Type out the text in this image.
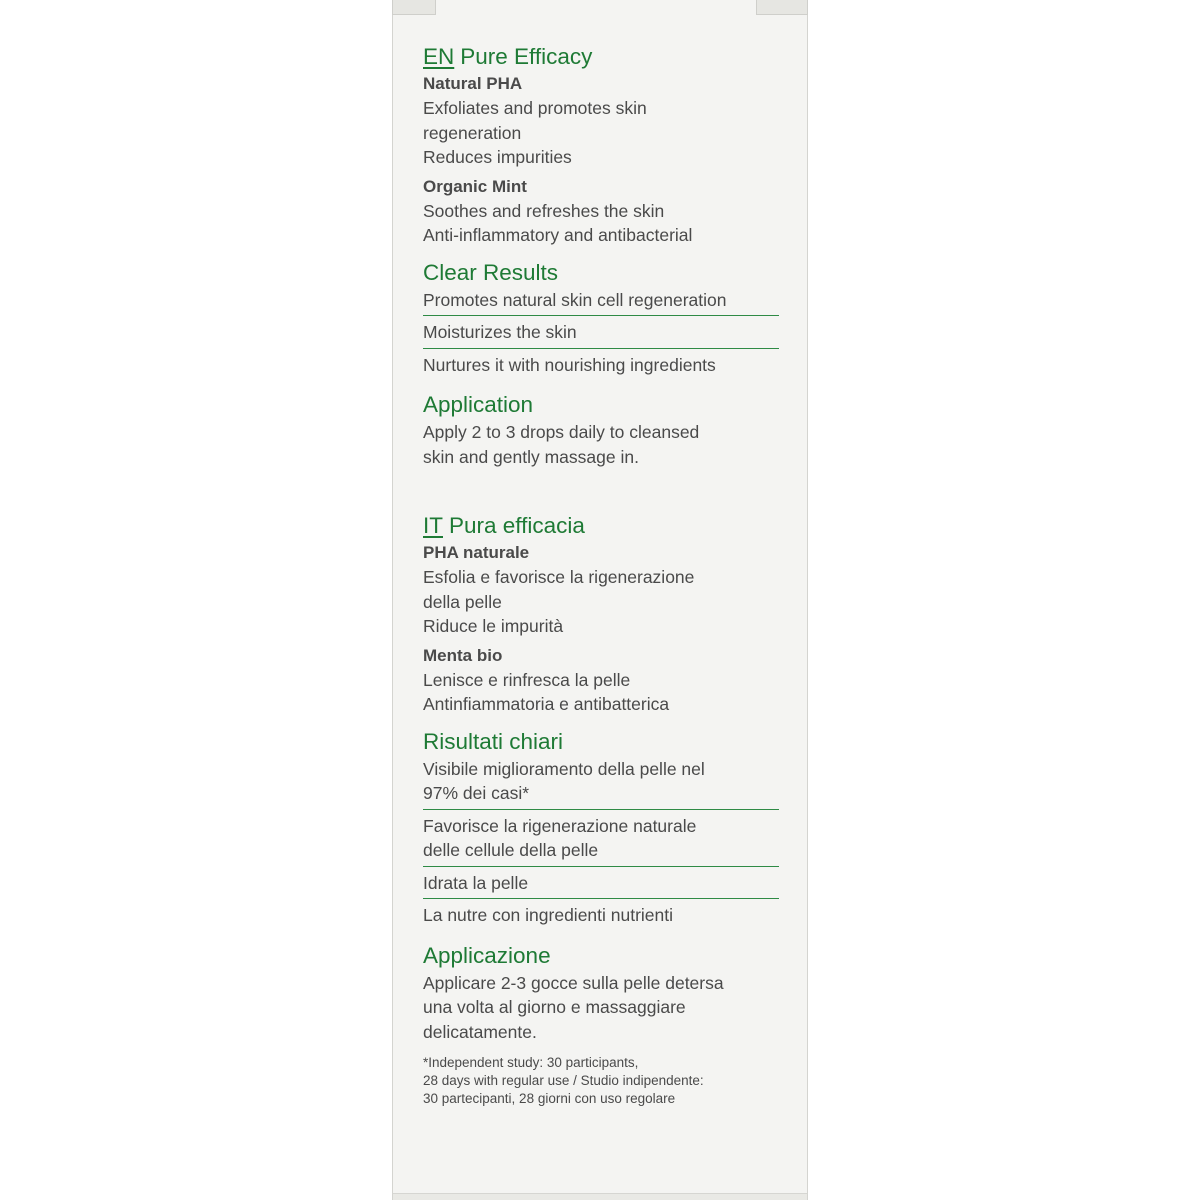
EN Pure Efficacy

Natural PHA

Exfoliates and promotes skin

regeneration

Reduces impurities

Organic Mint

Soothes and refreshes the skin

Anti-inflammatory and antibacterial

Clear Results
Promotes natural skin cell regeneration
Moisturizes the skin
Nurtures it with nourishing ingredients
Application

Apply 2 to 3 drops daily to cleansed

skin and gently massage in.

IT Pura efficacia

PHA naturale

Esfolia e favorisce la rigenerazione

della pelle

Riduce le impurità

Menta bio

Lenisce e rinfresca la pelle

Antinfiammatoria e antibatterica

Risultati chiari
Visibile miglioramento della pelle nel
97% dei casi*
Favorisce la rigenerazione naturale
delle cellule della pelle
Idrata la pelle
La nutre con ingredienti nutrienti
Applicazione

Applicare 2-3 gocce sulla pelle detersa

una volta al giorno e massaggiare

delicatamente.

*Independent study: 30 participants,

28 days with regular use / Studio indipendente:

30 partecipanti, 28 giorni con uso regolare
